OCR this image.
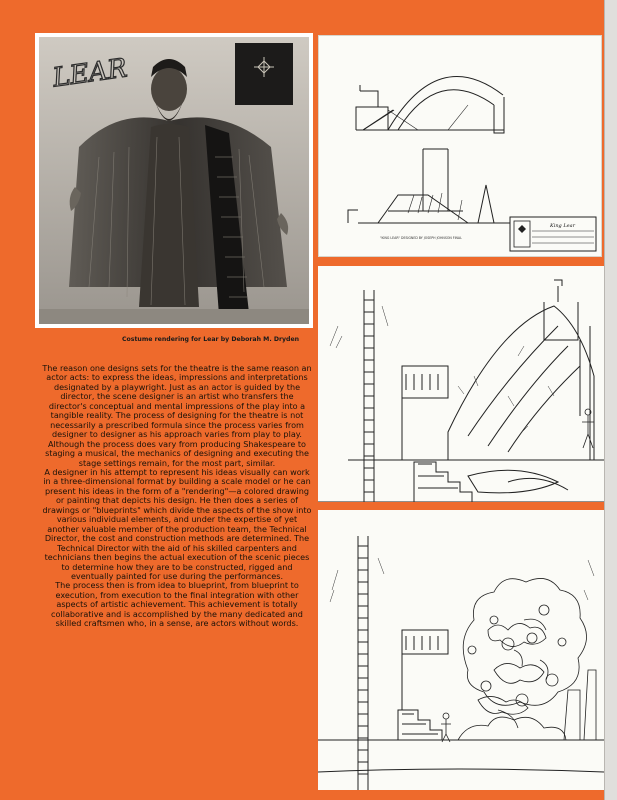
LEAR
Costume rendering for Lear by Deborah M. Dryden
"KING LEAR" DESIGNED BY JOSEPH JOHNSON FINAL
King Lear

The reason one designs sets for the theatre is the same reason an actor acts: to express the ideas, impressions and interpretations designated by a playwright. Just as an actor is guided by the director, the scene designer is an artist who transfers the director's conceptual and mental impressions of the play into a tangible reality. The process of designing for the theatre is not necessarily a prescribed formula since the process varies from designer to designer as his approach varies from play to play. Although the process does vary from producing Shakespeare to staging a musical, the mechanics of designing and executing the stage settings remain, for the most part, similar.

A designer in his attempt to represent his ideas visually can work in a three-dimensional format by building a scale model or he can present his ideas in the form of a "rendering"—a colored drawing or painting that depicts his design. He then does a series of drawings or "blueprints" which divide the aspects of the show into various individual elements, and under the expertise of yet another valuable member of the production team, the Technical Director, the cost and construction methods are determined. The Technical Director with the aid of his skilled carpenters and technicians then begins the actual execution of the scenic pieces to determine how they are to be constructed, rigged and eventually painted for use during the performances.

The process then is from idea to blueprint, from blueprint to execution, from execution to the final integration with other aspects of artistic achievement. This achievement is totally collaborative and is accomplished by the many dedicated and skilled craftsmen who, in a sense, are actors without words.
